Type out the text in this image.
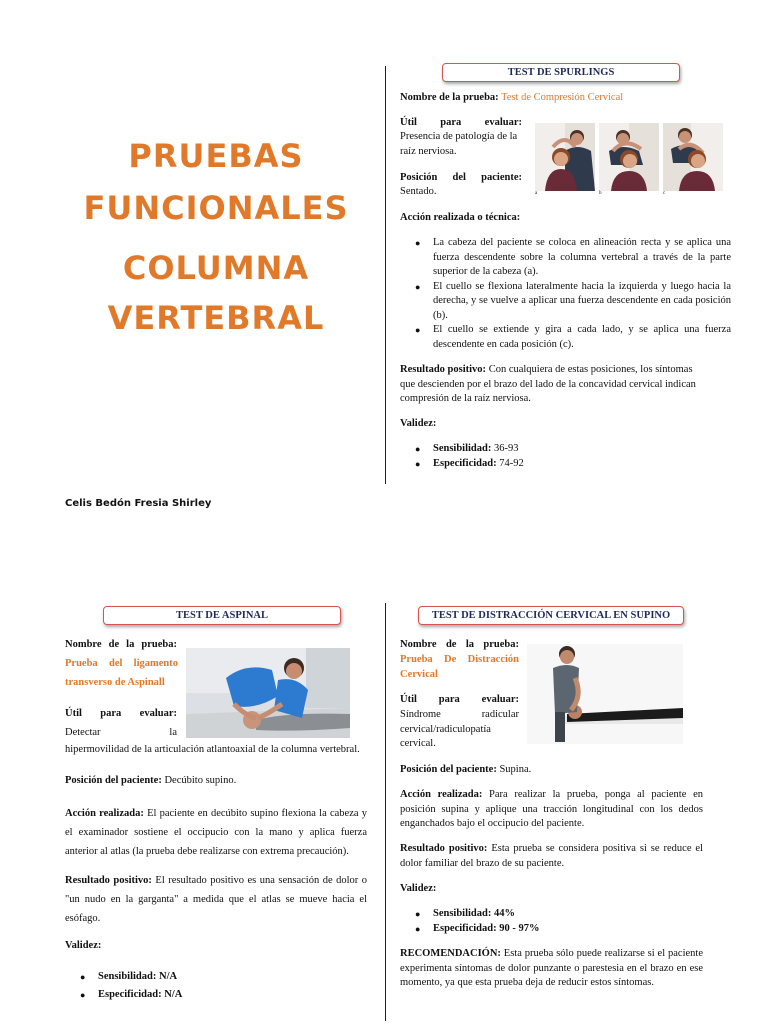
PRUEBAS
FUNCIONALES
COLUMNA
VERTEBRAL
Celis Bedón Fresia Shirley
TEST DE SPURLINGS
Nombre de la prueba: Test de Compresión Cervical
Útil para evaluar:
Presencia de patología de la raíz nerviosa.
Posición del paciente:
Sentado.	a	b	c
Acción realizada o técnica:
● La cabeza del paciente se coloca en alineación recta y se aplica una fuerza descendente sobre la columna vertebral a través de la parte superior de la cabeza (a).
● El cuello se flexiona lateralmente hacia la izquierda y luego hacia la derecha, y se vuelve a aplicar una fuerza descendente en cada posición (b).
● El cuello se extiende y gira a cada lado, y se aplica una fuerza descendente en cada posición (c).
Resultado positivo: Con cualquiera de estas posiciones, los síntomas que descienden por el brazo del lado de la concavidad cervical indican compresión de la raíz nerviosa.
Validez:
● Sensibilidad: 36-93
● Especificidad: 74-92
TEST DE ASPINAL
Nombre de la prueba:
Prueba del ligamento
transverso de Aspinall
Útil para evaluar:
Detectar	la
hipermovilidad de la articulación atlantoaxial de la columna vertebral.
Posición del paciente: Decúbito supino.
Acción realizada: El paciente en decúbito supino flexiona la cabeza y el examinador sostiene el occipucio con la mano y aplica fuerza anterior al atlas (la prueba debe realizarse con extrema precaución).
Resultado positivo: El resultado positivo es una sensación de dolor o "un nudo en la garganta" a medida que el atlas se mueve hacia el esófago.
Validez:
● Sensibilidad: N/A
● Especificidad: N/A
TEST DE DISTRACCIÓN CERVICAL EN SUPINO
Nombre de la prueba:
Prueba De Distracción
Cervical
Útil para evaluar:
Síndrome	radicular
cervical/radiculopatía
cervical.
Posición del paciente: Supina.
Acción realizada: Para realizar la prueba, ponga al paciente en posición supina y aplique una tracción longitudinal con los dedos enganchados bajo el occipucio del paciente.
Resultado positivo: Esta prueba se considera positiva si se reduce el dolor familiar del brazo de su paciente.
Validez:
● Sensibilidad: 44%
● Especificidad: 90 - 97%
RECOMENDACIÓN: Esta prueba sólo puede realizarse si el paciente experimenta síntomas de dolor punzante o parestesia en el brazo en ese momento, ya que esta prueba deja de reducir estos síntomas.
